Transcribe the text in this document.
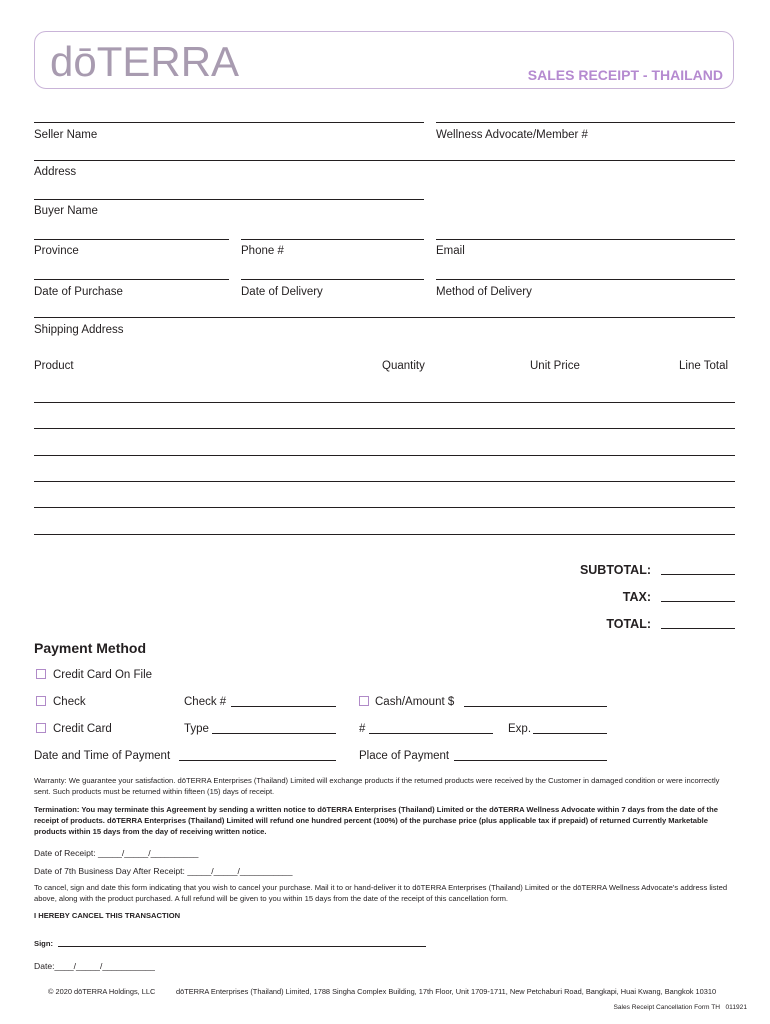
dōTERRA	SALES RECEIPT - THAILAND
Seller Name	Wellness Advocate/Member #
Address
Buyer Name
Province	Phone #	Email
Date of Purchase	Date of Delivery	Method of Delivery
Shipping Address
Product	Quantity	Unit Price	Line Total
SUBTOTAL:
TAX:
TOTAL:
Payment Method
Credit Card On File
Check	Check #	Cash/Amount $
Credit Card	Type	#	Exp.
Date and Time of Payment	Place of Payment
Warranty: We guarantee your satisfaction. dōTERRA Enterprises (Thailand) Limited will exchange products if the returned products were received by the Customer in damaged condition or were incorrectly sent. Such products must be returned within fifteen (15) days of receipt.
Termination: You may terminate this Agreement by sending a written notice to dōTERRA Enterprises (Thailand) Limited or the dōTERRA Wellness Advocate within 7 days from the date of the receipt of products. dōTERRA Enterprises (Thailand) Limited will refund one hundred percent (100%) of the purchase price (plus applicable tax if prepaid) of returned Currently Marketable products within 15 days from the day of receiving written notice.
Date of Receipt: _____/_____/__________
Date of 7th Business Day After Receipt: _____/_____/___________
To cancel, sign and date this form indicating that you wish to cancel your purchase. Mail it to or hand-deliver it to dōTERRA Enterprises (Thailand) Limited or the dōTERRA Wellness Advocate's address listed above, along with the product purchased. A full refund will be given to you within 15 days from the date of the receipt of this cancellation form.
I HEREBY CANCEL THIS TRANSACTION
Sign:
Date:____/_____/___________
© 2020 dōTERRA Holdings, LLC	dōTERRA Enterprises (Thailand) Limited, 1788 Singha Complex Building, 17th Floor, Unit 1709-1711, New Petchaburi Road, Bangkapi, Huai Kwang, Bangkok 10310
Sales Receipt Cancellation Form TH   011921
